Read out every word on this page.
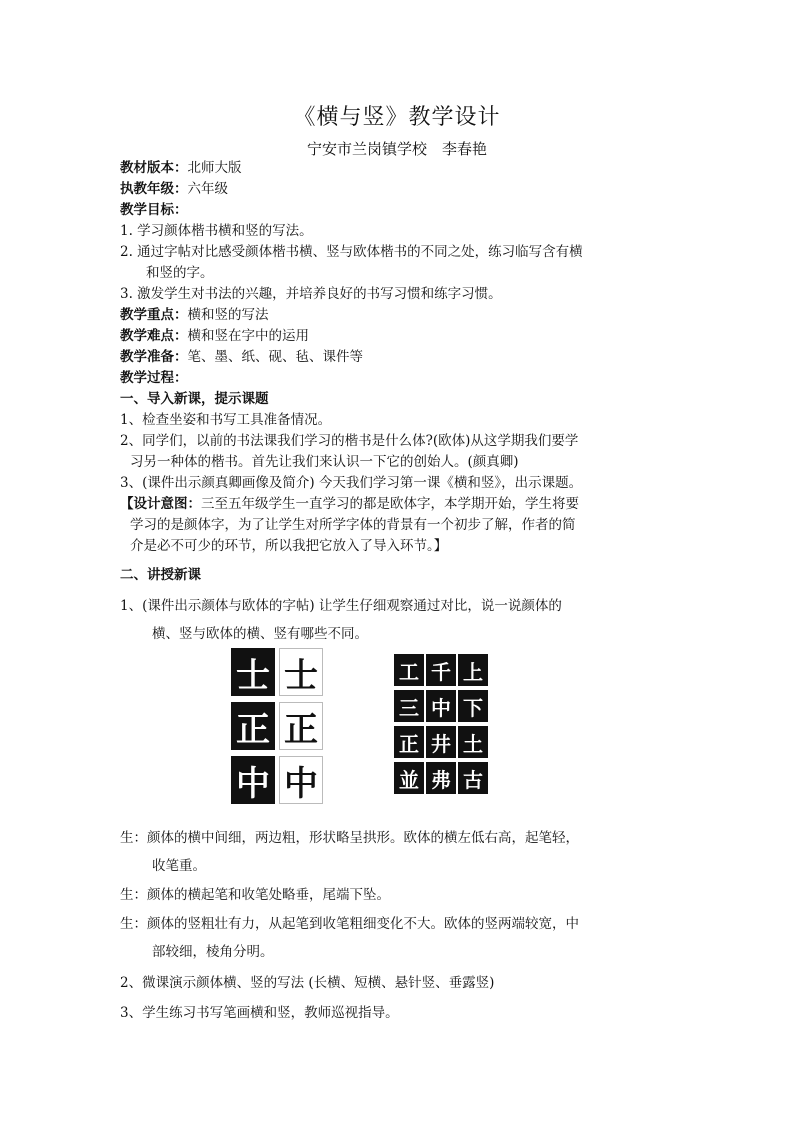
《横与竖》教学设计
宁安市兰岗镇学校　李春艳
教材版本：北师大版
执教年级：六年级
教学目标：
1. 学习颜体楷书横和竖的写法。
2. 通过字帖对比感受颜体楷书横、竖与欧体楷书的不同之处，练习临写含有横
和竖的字。
3. 激发学生对书法的兴趣，并培养良好的书写习惯和练字习惯。
教学重点：横和竖的写法
教学难点：横和竖在字中的运用
教学准备：笔、墨、纸、砚、毡、课件等
教学过程：
一、导入新课，提示课题
1、检查坐姿和书写工具准备情况。
2、同学们，以前的书法课我们学习的楷书是什么体?(欧体)从这学期我们要学
习另一种体的楷书。首先让我们来认识一下它的创始人。(颜真卿)
3、(课件出示颜真卿画像及简介) 今天我们学习第一课《横和竖》，出示课题。
【设计意图：三至五年级学生一直学习的都是欧体字，本学期开始，学生将要
学习的是颜体字，为了让学生对所学字体的背景有一个初步了解，作者的简
介是必不可少的环节，所以我把它放入了导入环节。】
二、讲授新课
1、(课件出示颜体与欧体的字帖) 让学生仔细观察通过对比，说一说颜体的
横、竖与欧体的横、竖有哪些不同。
士 士
正 正
中 中
工 千 上
三 中 下
正 井 土
並 弗 古
生：颜体的横中间细，两边粗，形状略呈拱形。欧体的横左低右高，起笔轻，
收笔重。
生：颜体的横起笔和收笔处略垂，尾端下坠。
生：颜体的竖粗壮有力，从起笔到收笔粗细变化不大。欧体的竖两端较宽，中
部较细，棱角分明。
2、微课演示颜体横、竖的写法 (长横、短横、悬针竖、垂露竖)
3、学生练习书写笔画横和竖，教师巡视指导。
